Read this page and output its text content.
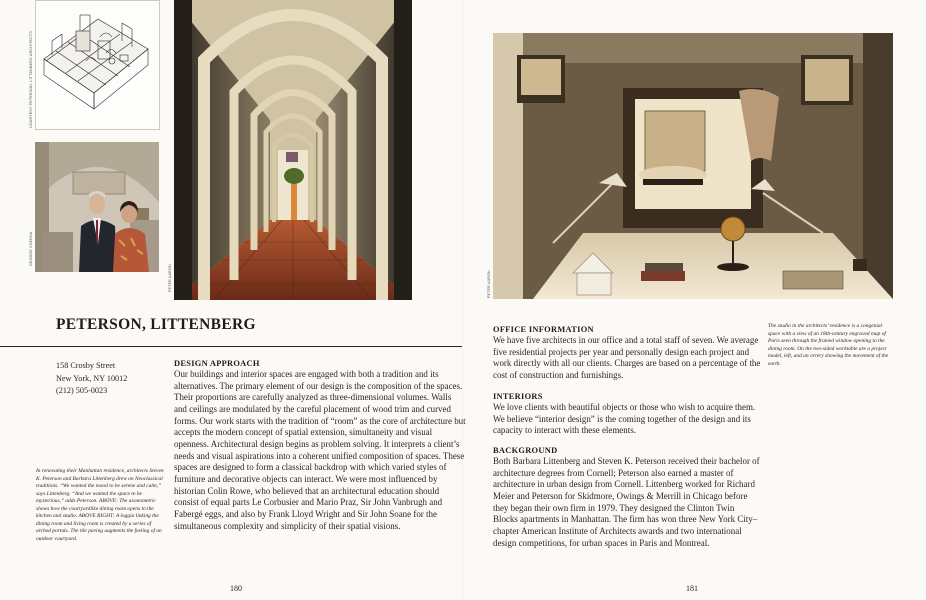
COURTESY PETERSON, LITTENBERG ARCHITECTS
GEORGE CSERNA
PETER AARON	PETER AARON
PETERSON, LITTENBERG
158 Crosby Street
New York, NY 10012
(212) 505-0023
In renovating their Manhattan residence, architects Steven K. Peterson and Barbara Littenberg drew on Neoclassical traditions. “We wanted the mood to be serene and calm,” says Littenberg. “And we wanted the space to be mysterious,” adds Peterson. ABOVE: The axonometric shows how the courtyardlike dining room opens to the kitchen and studio. ABOVE RIGHT: A loggia linking the dining room and living room is created by a series of arched portals. The tile paving augments the feeling of an outdoor courtyard.
DESIGN APPROACH
Our buildings and interior spaces are engaged with both a tradition and its alternatives. The primary element of our design is the composition of the spaces. Their proportions are carefully analyzed as three-dimensional volumes. Walls and ceilings are modulated by the careful placement of wood trim and curved forms. Our work starts with the tradition of “room” as the core of architecture but accepts the modern concept of spatial extension, simultaneity and visual openness. Architectural design begins as problem solving. It interprets a client’s needs and visual aspirations into a coherent unified composition of spaces. These spaces are designed to form a classical backdrop with which varied styles of furniture and decorative objects can interact. We were most influenced by historian Colin Rowe, who believed that an architectural education should consist of equal parts Le Corbusier and Mario Praz, Sir John Vanbrugh and Fabergé eggs, and also by Frank Lloyd Wright and Sir John Soane for the simultaneous complexity and simplicity of their spatial visions.
180
OFFICE INFORMATION
We have five architects in our office and a total staff of seven. We average five residential projects per year and personally design each project and work directly with all our clients. Charges are based on a percentage of the cost of construction and furnishings.
INTERIORS
We love clients with beautiful objects or those who wish to acquire them. We believe “interior design” is the coming together of the design and its capacity to interact with these elements.
BACKGROUND
Both Barbara Littenberg and Steven K. Peterson received their bachelor of architecture degrees from Cornell; Peterson also earned a master of architecture in urban design from Cornell. Littenberg worked for Richard Meier and Peterson for Skidmore, Owings & Merrill in Chicago before they began their own firm in 1979. They designed the Clinton Twin Blocks apartments in Manhattan. The firm has won three New York City–chapter American Institute of Architects awards and two international design competitions, for urban spaces in Paris and Montreal.
The studio in the architects’ residence is a congenial space with a view of an 18th-century engraved map of Paris seen through the framed window opening to the dining room. On the two-sided worktable are a project model, left, and an orrery showing the movement of the earth.
181
